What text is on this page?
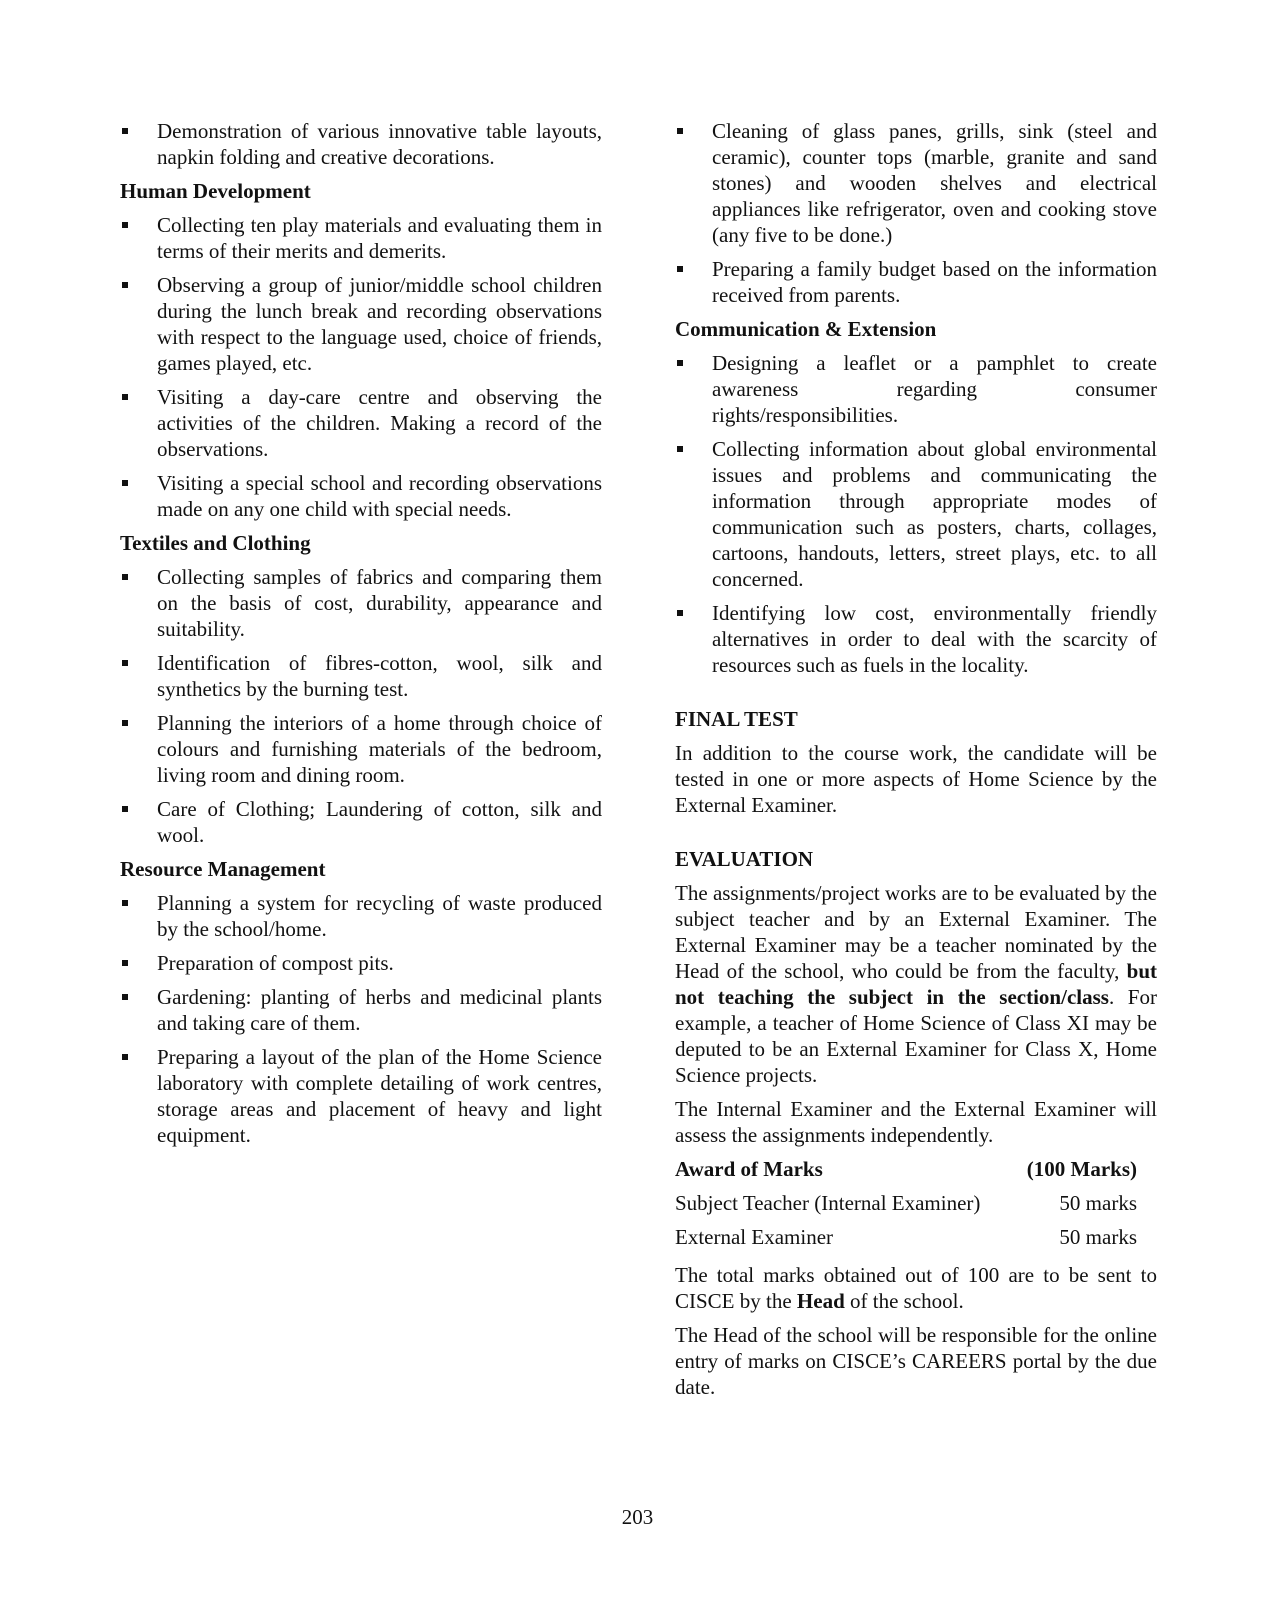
Demonstration of various innovative table layouts, napkin folding and creative decorations.
Human Development
Collecting ten play materials and evaluating them in terms of their merits and demerits.
Observing a group of junior/middle school children during the lunch break and recording observations with respect to the language used, choice of friends, games played, etc.
Visiting a day-care centre and observing the activities of the children. Making a record of the observations.
Visiting a special school and recording observations made on any one child with special needs.
Textiles and Clothing
Collecting samples of fabrics and comparing them on the basis of cost, durability, appearance and suitability.
Identification of fibres-cotton, wool, silk and synthetics by the burning test.
Planning the interiors of a home through choice of colours and furnishing materials of the bedroom, living room and dining room.
Care of Clothing; Laundering of cotton, silk and wool.
Resource Management
Planning a system for recycling of waste produced by the school/home.
Preparation of compost pits.
Gardening: planting of herbs and medicinal plants and taking care of them.
Preparing a layout of the plan of the Home Science laboratory with complete detailing of work centres, storage areas and placement of heavy and light equipment.
Cleaning of glass panes, grills, sink (steel and ceramic), counter tops (marble, granite and sand stones) and wooden shelves and electrical appliances like refrigerator, oven and cooking stove (any five to be done.)
Preparing a family budget based on the information received from parents.
Communication & Extension
Designing a leaflet or a pamphlet to create awareness regarding consumer rights/responsibilities.
Collecting information about global environmental issues and problems and communicating the information through appropriate modes of communication such as posters, charts, collages, cartoons, handouts, letters, street plays, etc. to all concerned.
Identifying low cost, environmentally friendly alternatives in order to deal with the scarcity of resources such as fuels in the locality.
FINAL TEST

In addition to the course work, the candidate will be tested in one or more aspects of Home Science by the External Examiner.

EVALUATION

The assignments/project works are to be evaluated by the subject teacher and by an External Examiner. The External Examiner may be a teacher nominated by the Head of the school, who could be from the faculty, but not teaching the subject in the section/class. For example, a teacher of Home Science of Class XI may be deputed to be an External Examiner for Class X, Home Science projects.

The Internal Examiner and the External Examiner will assess the assignments independently.

Award of Marks	(100 Marks)
Subject Teacher (Internal Examiner)	50 marks
External Examiner	50 marks

The total marks obtained out of 100 are to be sent to CISCE by the Head of the school.

The Head of the school will be responsible for the online entry of marks on CISCE’s CAREERS portal by the due date.

203
